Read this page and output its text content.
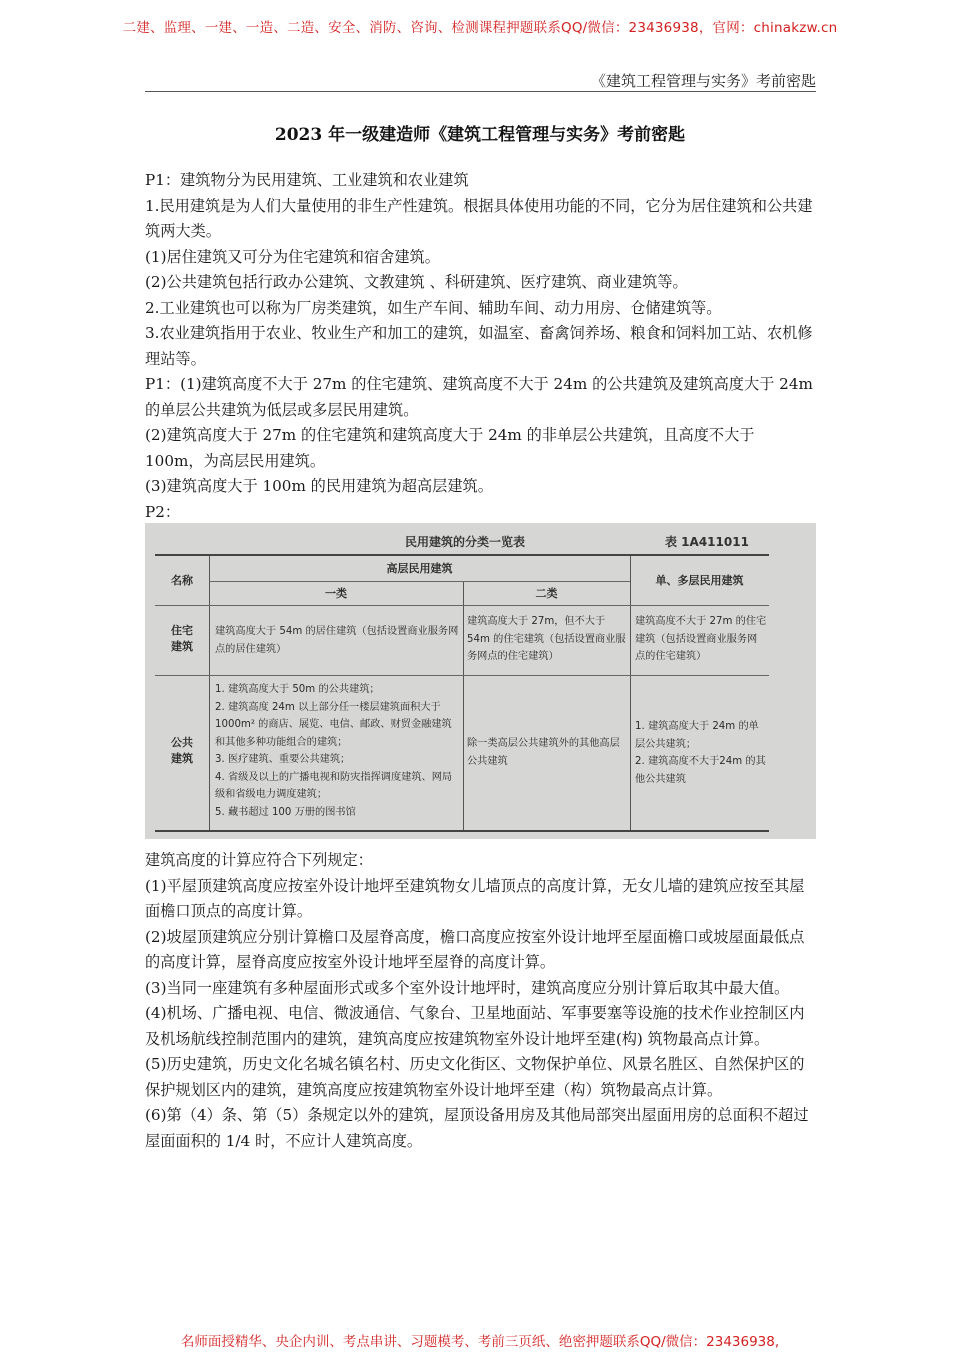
二建、监理、一建、一造、二造、安全、消防、咨询、检测课程押题联系QQ/微信：23436938，官网：chinakzw.cn
《建筑工程管理与实务》考前密匙
2023 年一级建造师《建筑工程管理与实务》考前密匙

P1：建筑物分为民用建筑、工业建筑和农业建筑

1.民用建筑是为人们大量使用的非生产性建筑。根据具体使用功能的不同，它分为居住建筑和公共建筑两大类。

(1)居住建筑又可分为住宅建筑和宿舍建筑。

(2)公共建筑包括行政办公建筑、文教建筑 、科研建筑、医疗建筑、商业建筑等。

2.工业建筑也可以称为厂房类建筑，如生产车间、辅助车间、动力用房、仓储建筑等。

3.农业建筑指用于农业、牧业生产和加工的建筑，如温室、畜禽饲养场、粮食和饲料加工站、农机修理站等。

P1：(1)建筑高度不大于 27m 的住宅建筑、建筑高度不大于 24m 的公共建筑及建筑高度大于 24m 的单层公共建筑为低层或多层民用建筑。

(2)建筑高度大于 27m 的住宅建筑和建筑高度大于 24m 的非单层公共建筑，且高度不大于 100m，为高层民用建筑。

(3)建筑高度大于 100m 的民用建筑为超高层建筑。

P2：

民用建筑的分类一览表	表 1A411011
名称
高层民用建筑
一类	二类
单、多层民用建筑
住宅建筑
建筑高度大于 54m 的居住建筑（包括设置商业服务网点的居住建筑）
建筑高度大于 27m，但不大于 54m 的住宅建筑（包括设置商业服务网点的住宅建筑）
建筑高度不大于 27m 的住宅建筑（包括设置商业服务网点的住宅建筑）
公共建筑
1. 建筑高度大于 50m 的公共建筑；
2. 建筑高度 24m 以上部分任一楼层建筑面积大于 1000m² 的商店、展览、电信、邮政、财贸金融建筑和其他多种功能组合的建筑；
3. 医疗建筑、重要公共建筑；
4. 省级及以上的广播电视和防灾指挥调度建筑、网局级和省级电力调度建筑；
5. 藏书超过 100 万册的图书馆
除一类高层公共建筑外的其他高层公共建筑
1. 建筑高度大于 24m 的单层公共建筑；
2. 建筑高度不大于24m 的其他公共建筑

建筑高度的计算应符合下列规定：

(1)平屋顶建筑高度应按室外设计地坪至建筑物女儿墙顶点的高度计算，无女儿墙的建筑应按至其屋面檐口顶点的高度计算。

(2)坡屋顶建筑应分别计算檐口及屋脊高度，檐口高度应按室外设计地坪至屋面檐口或坡屋面最低点的高度计算，屋脊高度应按室外设计地坪至屋脊的高度计算。

(3)当同一座建筑有多种屋面形式或多个室外设计地坪时，建筑高度应分别计算后取其中最大值。

(4)机场、广播电视、电信、微波通信、气象台、卫星地面站、军事要塞等设施的技术作业控制区内及机场航线控制范围内的建筑，建筑高度应按建筑物室外设计地坪至建(构) 筑物最高点计算。

(5)历史建筑，历史文化名城名镇名村、历史文化街区、文物保护单位、风景名胜区、自然保护区的保护规划区内的建筑，建筑高度应按建筑物室外设计地坪至建（构）筑物最高点计算。

(6)第（4）条、第（5）条规定以外的建筑，屋顶设备用房及其他局部突出屋面用房的总面积不超过屋面面积的 1/4 时，不应计人建筑高度。

名师面授精华、央企内训、考点串讲、习题模考、考前三页纸、绝密押题联系QQ/微信：23436938,
